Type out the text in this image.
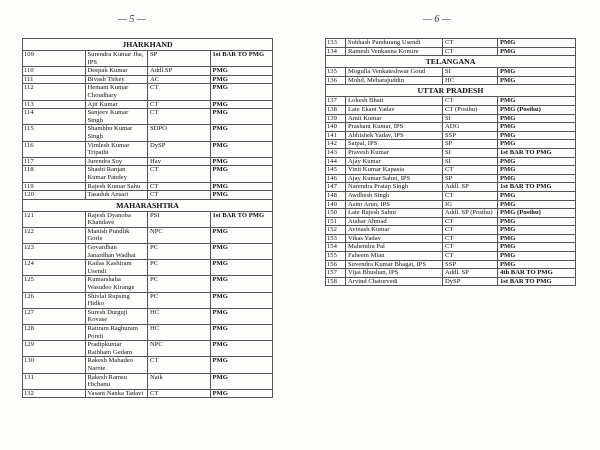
— 5 —	— 6 —
JHARKHAND			
109	Surendra Kumar Jha, IPS	SP	1st BAR TO PMG
110	Deepak Kumar	Addl.SP	PMG
111	Bivash Tirkey	AC	PMG
112	Hemant Kumar Choudhary	CT	PMG
113	Ajit Kumar	CT	PMG
114	Sanjeev Kumar Singh	CT	PMG
115	Shambhu Kumar Singh	SDPO	PMG
116	Vimlesh Kumar Tripathi	DySP	PMG
117	Jurendra Soy	Hav	PMG
118	Shashi Ranjan Kumar Pandey	CT	PMG
119	Rajesh Kumar Sahu	CT	PMG
120	Tasaduk Ansari	CT	PMG
MAHARASHTRA			
121	Rajesh Dyanoba Khandave	PSI	1st BAR TO PMG
122	Manish Pundlik Gorle	NPC	PMG
123	Govardhan Janardhan Wadhai	PC	PMG
124	Kailas Kashiram Usendi	PC	PMG
125	Kumarshaha Wasudeo Kirange	PC	PMG
126	Shivlal Rupsing Hidko	PC	PMG
127	Suresh Durguji Kovase	HC	PMG
128	Ratiram Raghuram Poreti	HC	PMG
129	Pradipkumar Raibham Gedam	NPC	PMG
130	Rakesh Mahadeo Narote	CT	PMG
131	Rakesh Ramsu Hichami	Naik	PMG
132	Vasant Nanka Tadavi	CT	PMG
133	Subhash Pandurang Usendi	CT	PMG
134	Ramesh Venkanna Komire	CT	PMG
TELANGANA			
135	Mogulla Venkateshwar Goud	SI	PMG
136	Mohd. Meharajuddin	HC	PMG
UTTAR PRADESH			
137	Lokesh Bhati	CT	PMG
138	Late Ekant Yadav	CT (Posthu)	PMG (Posthu)
139	Amit Kumar	SI	PMG
140	Prashant Kumar, IPS	ADG	PMG
141	Abhishek Yadav, IPS	SSP	PMG
142	Satpal, IPS	SP	PMG
143	Pravesh Kumar	SI	1st BAR TO PMG
144	Ajay Kumar	SI	PMG
145	Vinit Kumar Kapasia	CT	PMG
146	Ajay Kumar Sahni, IPS	SP	PMG
147	Narendra Pratap Singh	Addl. SP	1st BAR TO PMG
148	Awdhesh Singh	CT	PMG
149	Asim Arun, IPS	IG	PMG
150	Late Rajesh Sahni	Addl. SP (Posthu)	PMG (Posthu)
151	Atahar Ahmad	CT	PMG
152	Avinash Kumar	CT	PMG
153	Vikas Yadav	CT	PMG
154	Mahendra Pal	CT	PMG
155	Faheem Mian	CT	PMG
156	Suvendra Kumar Bhagat, IPS	SSP	PMG
157	Vijai Bhushan, IPS	Addl. SP	4th BAR TO PMG
158	Arvind Chaturvedi	DySP	1st BAR TO PMG
